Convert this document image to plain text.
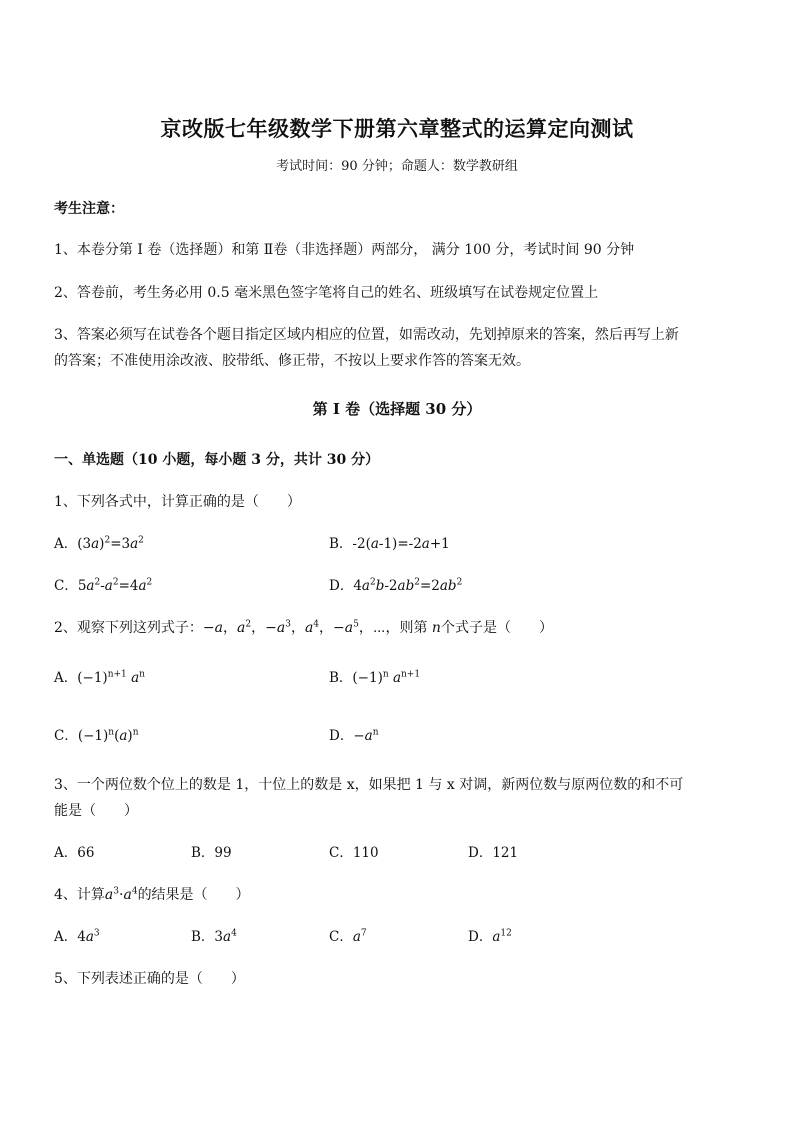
京改版七年级数学下册第六章整式的运算定向测试
考试时间：90 分钟；命题人：数学教研组
考生注意：
1、本卷分第 I 卷（选择题）和第 Ⅱ卷（非选择题）两部分， 满分 100 分，考试时间 90 分钟
2、答卷前，考生务必用 0.5 毫米黑色签字笔将自己的姓名、班级填写在试卷规定位置上
3、答案必须写在试卷各个题目指定区域内相应的位置，如需改动，先划掉原来的答案，然后再写上新
的答案；不准使用涂改液、胶带纸、修正带，不按以上要求作答的答案无效。
第 I 卷（选择题 30 分）
一、单选题（10 小题，每小题 3 分，共计 30 分）
1、下列各式中，计算正确的是（　　）
A．$(3a)^2=3a^2$	B．-2(a-1)=-2a+1
C．$5a^2-a^2=4a^2$	D．$4a^2b-2ab^2=2ab^2$
2、观察下列这列式子：−a，$a^2$，$-a^3$，$a^4$，$-a^5$，⋯，则第 n个式子是（　　）
A．$(-1)^{n+1}$ $a^n$	B．$(-1)^n$ $a^{n+1}$
C．$(-1)^n(a)^n$	D．$-a^n$
3、一个两位数个位上的数是 1，十位上的数是 x，如果把 1 与 x 对调，新两位数与原两位数的和不可
能是（　　）
A．66	B．99	C．110	D．121
4、计算$a^3\cdot a^4$的结果是（　　）
A．$4a^3$	B．$3a^4$	C．$a^7$	D．$a^{12}$
5、下列表述正确的是（　　）
